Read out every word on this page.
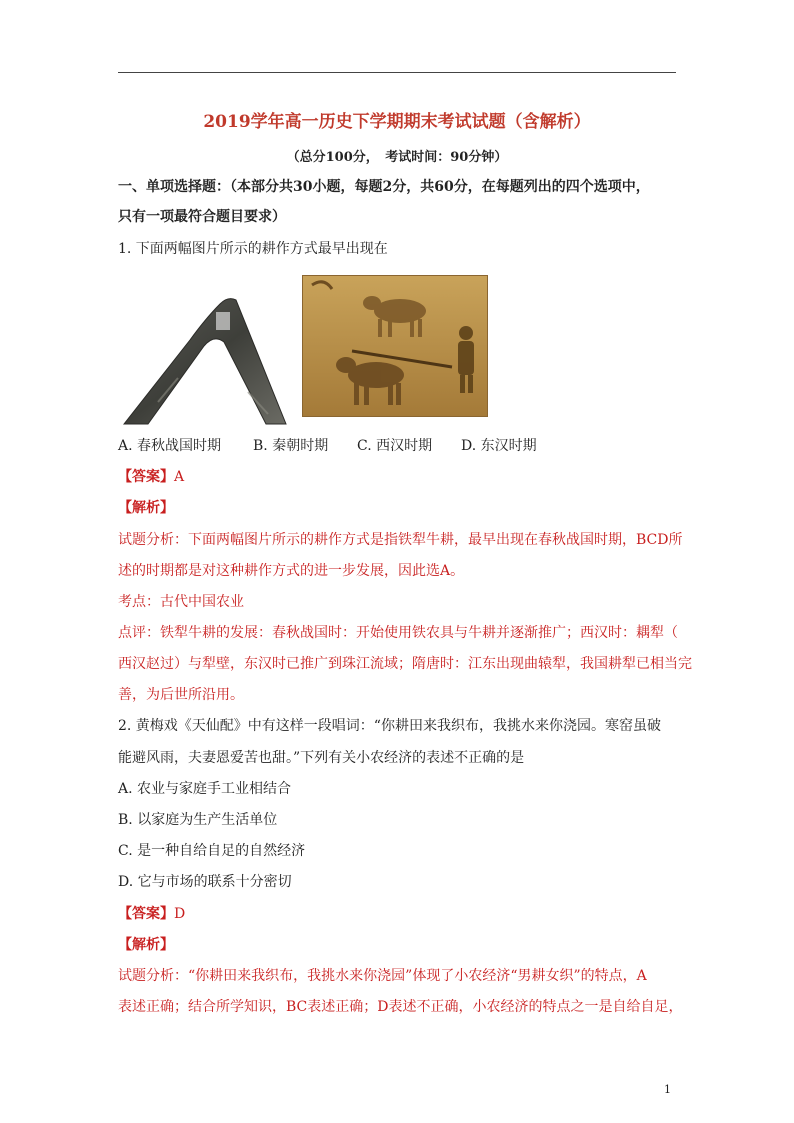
2019学年高一历史下学期期末考试试题（含解析）
（总分100分，　考试时间：90分钟）
一、单项选择题：（本部分共30小题，每题2分，共60分，在每题列出的四个选项中，
只有一项最符合题目要求）
1. 下面两幅图片所示的耕作方式最早出现在
A. 春秋战国时期 B. 秦朝时期 C. 西汉时期 D. 东汉时期
【答案】A
【解析】
试题分析：下面两幅图片所示的耕作方式是指铁犁牛耕，最早出现在春秋战国时期，BCD所
述的时期都是对这种耕作方式的进一步发展，因此选A。
考点：古代中国农业
点评：铁犁牛耕的发展：春秋战国时：开始使用铁农具与牛耕并逐渐推广；西汉时：耦犁（
西汉赵过）与犁壁，东汉时已推广到珠江流域；隋唐时：江东出现曲辕犁，我国耕犁已相当完
善，为后世所沿用。
2. 黄梅戏《天仙配》中有这样一段唱词：“你耕田来我织布，我挑水来你浇园。寒窑虽破
能避风雨，夫妻恩爱苦也甜。”下列有关小农经济的表述不正确的是
A. 农业与家庭手工业相结合
B. 以家庭为生产生活单位
C. 是一种自给自足的自然经济
D. 它与市场的联系十分密切
【答案】D
【解析】
试题分析：“你耕田来我织布，我挑水来你浇园”体现了小农经济“男耕女织”的特点，A
表述正确；结合所学知识，BC表述正确；D表述不正确，小农经济的特点之一是自给自足，
1
